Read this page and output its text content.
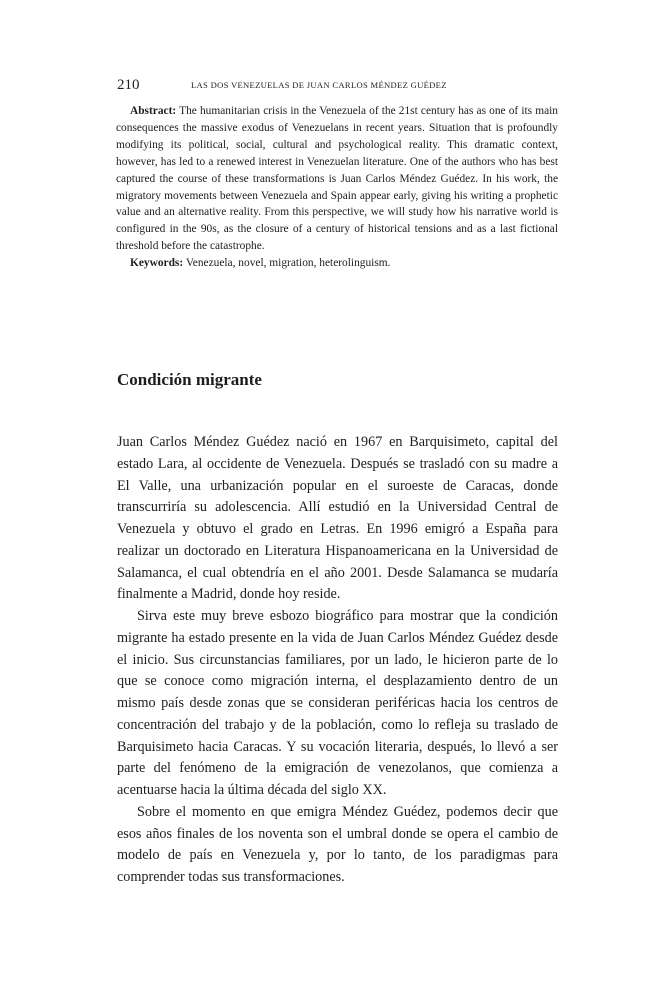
210	LAS DOS VENEZUELAS DE JUAN CARLOS MÉNDEZ GUÉDEZ

Abstract: The humanitarian crisis in the Venezuela of the 21st century has as one of its main consequences the massive exodus of Venezuelans in recent years. Situation that is profoundly modifying its political, social, cultural and psychological reality. This dramatic context, however, has led to a renewed interest in Venezuelan literature. One of the authors who has best captured the course of these transformations is Juan Carlos Méndez Guédez. In his work, the migratory movements between Venezuela and Spain appear early, giving his writing a prophetic value and an alternative reality. From this perspective, we will study how his narrative world is configured in the 90s, as the closure of a century of historical tensions and as a last fictional threshold before the catastrophe.

Keywords: Venezuela, novel, migration, heterolinguism.

Condición migrante

Juan Carlos Méndez Guédez nació en 1967 en Barquisimeto, capital del estado Lara, al occidente de Venezuela. Después se trasladó con su madre a El Valle, una urbanización popular en el suroeste de Caracas, donde transcurriría su adolescencia. Allí estudió en la Universidad Central de Venezuela y obtuvo el grado en Letras. En 1996 emigró a España para realizar un doctorado en Literatura Hispanoamericana en la Universidad de Salamanca, el cual obtendría en el año 2001. Desde Salamanca se mudaría finalmente a Madrid, donde hoy reside.

Sirva este muy breve esbozo biográfico para mostrar que la condición migrante ha estado presente en la vida de Juan Carlos Méndez Guédez desde el inicio. Sus circunstancias familiares, por un lado, le hicieron parte de lo que se conoce como migración interna, el desplazamiento dentro de un mismo país desde zonas que se consideran periféricas hacia los centros de concentración del trabajo y de la población, como lo refleja su traslado de Barquisimeto hacia Caracas. Y su vocación literaria, después, lo llevó a ser parte del fenómeno de la emigración de venezolanos, que comienza a acentuarse hacia la última década del siglo XX.

Sobre el momento en que emigra Méndez Guédez, podemos decir que esos años finales de los noventa son el umbral donde se opera el cambio de modelo de país en Venezuela y, por lo tanto, de los paradigmas para comprender todas sus transformaciones.
